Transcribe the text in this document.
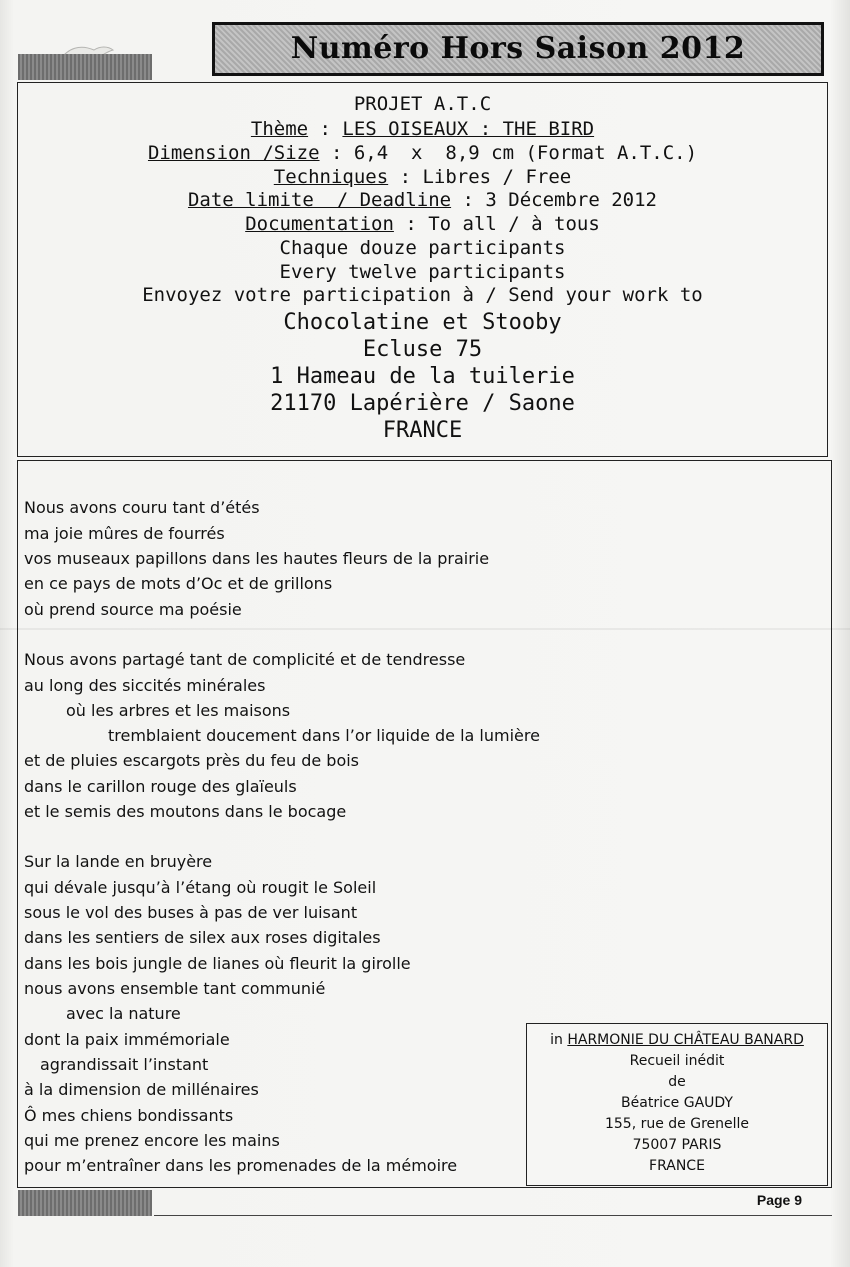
Numéro Hors Saison 2012
PROJET A.T.C
Thème : LES OISEAUX : THE BIRD
Dimension /Size : 6,4  x  8,9 cm (Format A.T.C.)
Techniques : Libres / Free
Date limite  / Deadline : 3 Décembre 2012
Documentation : To all / à tous
Chaque douze participants
Every twelve participants
Envoyez votre participation à / Send your work to
Chocolatine et Stooby
Ecluse 75
1 Hameau de la tuilerie
21170 Lapérière / Saone
FRANCE
Nous avons couru tant d’étés
ma joie mûres de fourrés
vos museaux papillons dans les hautes fleurs de la prairie
en ce pays de mots d’Oc et de grillons
où prend source ma poésie
Nous avons partagé tant de complicité et de tendresse
au long des siccités minérales
où les arbres et les maisons
tremblaient doucement dans l’or liquide de la lumière
et de pluies escargots près du feu de bois
dans le carillon rouge des glaïeuls
et le semis des moutons dans le bocage
Sur la lande en bruyère
qui dévale jusqu’à l’étang où rougit le Soleil
sous le vol des buses à pas de ver luisant
dans les sentiers de silex aux roses digitales
dans les bois jungle de lianes où fleurit la girolle
nous avons ensemble tant communié
avec la nature
dont la paix immémoriale
agrandissait l’instant
à la dimension de millénaires
Ô mes chiens bondissants
qui me prenez encore les mains
pour m’entraîner dans les promenades de la mémoire
in HARMONIE DU CHÂTEAU BANARD
Recueil inédit
de
Béatrice GAUDY
155, rue de Grenelle
75007 PARIS
FRANCE
Page 9
